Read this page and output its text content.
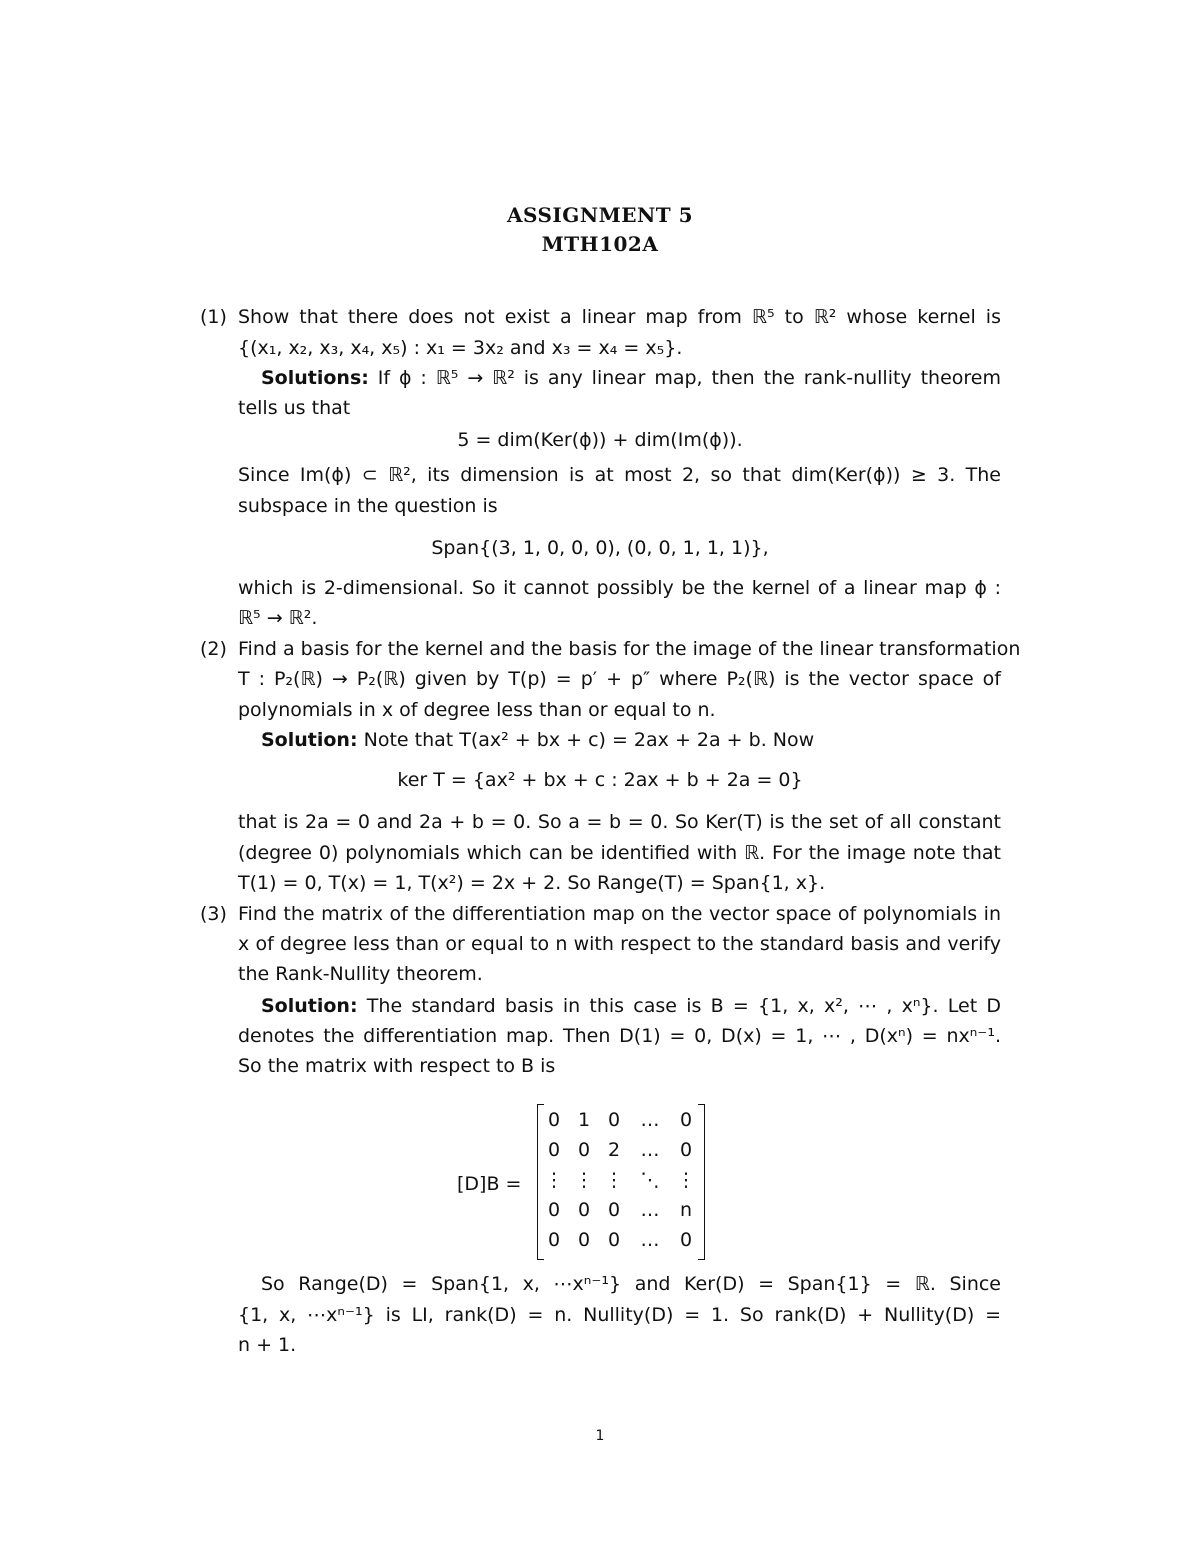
ASSIGNMENT 5
MTH102A
(1) Show that there does not exist a linear map from ℝ⁵ to ℝ² whose kernel is
{(x₁, x₂, x₃, x₄, x₅) : x₁ = 3x₂ and x₃ = x₄ = x₅}.
Solutions: If ϕ : ℝ⁵ → ℝ² is any linear map, then the rank-nullity theorem
tells us that
5 = dim(Ker(ϕ)) + dim(Im(ϕ)).
Since Im(ϕ) ⊂ ℝ², its dimension is at most 2, so that dim(Ker(ϕ)) ≥ 3. The
subspace in the question is
Span{(3, 1, 0, 0, 0), (0, 0, 1, 1, 1)},
which is 2-dimensional. So it cannot possibly be the kernel of a linear map ϕ :
ℝ⁵ → ℝ².
(2) Find a basis for the kernel and the basis for the image of the linear transformation
T : P₂(ℝ) → P₂(ℝ) given by T(p) = p′ + p″ where P₂(ℝ) is the vector space of
polynomials in x of degree less than or equal to n.
Solution: Note that T(ax² + bx + c) = 2ax + 2a + b. Now
ker T = {ax² + bx + c : 2ax + b + 2a = 0}
that is 2a = 0 and 2a + b = 0. So a = b = 0. So Ker(T) is the set of all constant
(degree 0) polynomials which can be identified with ℝ. For the image note that
T(1) = 0, T(x) = 1, T(x²) = 2x + 2. So Range(T) = Span{1, x}.
(3) Find the matrix of the differentiation map on the vector space of polynomials in
x of degree less than or equal to n with respect to the standard basis and verify
the Rank-Nullity theorem.
Solution: The standard basis in this case is B = {1, x, x², ⋯ , xⁿ}. Let D
denotes the differentiation map. Then D(1) = 0, D(x) = 1, ⋯ , D(xⁿ) = nxⁿ⁻¹.
So the matrix with respect to B is
[D]B =
0 1 0	…	0
0 0 2	…	0
⋮ ⋮ ⋮ ⋱ ⋮
0 0 0	…	n
0 0 0	…	0
So Range(D) = Span{1, x, ⋯xⁿ⁻¹} and Ker(D) = Span{1} = ℝ. Since
{1, x, ⋯xⁿ⁻¹} is LI, rank(D) = n. Nullity(D) = 1. So rank(D) + Nullity(D) =
n + 1.
1
